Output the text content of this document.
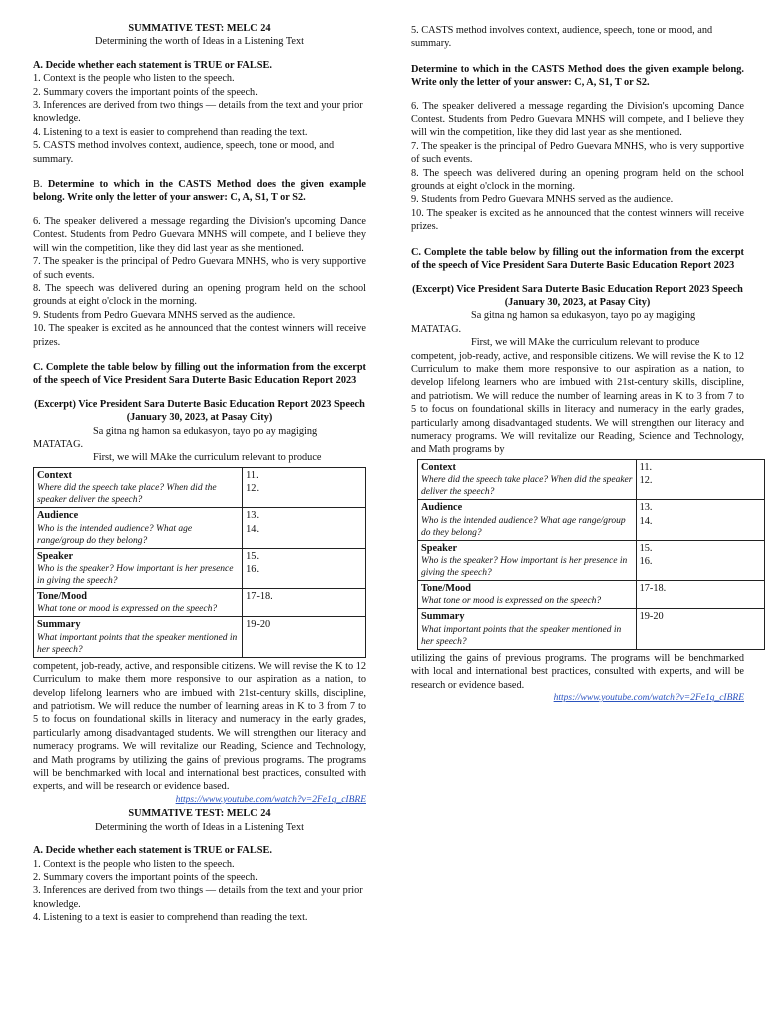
SUMMATIVE TEST: MELC 24
Determining the worth of Ideas in a Listening Text
A. Decide whether each statement is TRUE or FALSE.
1. Context is the people who listen to the speech.
2. Summary covers the important points of the speech.
3. Inferences are derived from two things — details from the text and your prior knowledge.
4. Listening to a text is easier to comprehend than reading the text.
5. CASTS method involves context, audience, speech, tone or mood, and summary.
B. Determine to which in the CASTS Method does the given example belong. Write only the letter of your answer: C, A, S1, T or S2.
6. The speaker delivered a message regarding the Division's upcoming Dance Contest. Students from Pedro Guevara MNHS will compete, and I believe they will win the competition, like they did last year as she mentioned.
7. The speaker is the principal of Pedro Guevara MNHS, who is very supportive of such events.
8. The speech was delivered during an opening program held on the school grounds at eight o'clock in the morning.
9. Students from Pedro Guevara MNHS served as the audience.
10. The speaker is excited as he announced that the contest winners will receive prizes.
C. Complete the table below by filling out the information from the excerpt of the speech of Vice President Sara Duterte Basic Education Report 2023
(Excerpt) Vice President Sara Duterte Basic Education Report 2023 Speech (January 30, 2023, at Pasay City)
Sa gitna ng hamon sa edukasyon, tayo po ay magiging MATATAG.
First, we will MAke the curriculum relevant to produce
Context
Where did the speech take place? When did the speaker deliver the speech?	11.
12.

Audience
Who is the intended audience? What age range/group do they belong?	13.
14.

Speaker
Who is the speaker? How important is her presence in giving the speech?	15.
16.

Tone/Mood
What tone or mood is expressed on the speech?	17-18.

Summary
What important points that the speaker mentioned in her speech?	19-20
competent, job-ready, active, and responsible citizens. We will revise the K to 12 Curriculum to make them more responsive to our aspiration as a nation, to develop lifelong learners who are imbued with 21st-century skills, discipline, and patriotism. We will reduce the number of learning areas in K to 3 from 7 to 5 to focus on foundational skills in literacy and numeracy in the early grades, particularly among disadvantaged students. We will strengthen our literacy and numeracy programs. We will revitalize our Reading, Science and Technology, and Math programs by utilizing the gains of previous programs. The programs will be benchmarked with local and international best practices, consulted with experts, and will be research or evidence based.
https://www.youtube.com/watch?v=2Fe1q_cIBRE
SUMMATIVE TEST: MELC 24
Determining the worth of Ideas in a Listening Text
A. Decide whether each statement is TRUE or FALSE.
1. Context is the people who listen to the speech.
2. Summary covers the important points of the speech.
3. Inferences are derived from two things — details from the text and your prior knowledge.
4. Listening to a text is easier to comprehend than reading the text.
5. CASTS method involves context, audience, speech, tone or mood, and summary.
Determine to which in the CASTS Method does the given example belong. Write only the letter of your answer: C, A, S1, T or S2.
6. The speaker delivered a message regarding the Division's upcoming Dance Contest. Students from Pedro Guevara MNHS will compete, and I believe they will win the competition, like they did last year as she mentioned.
7. The speaker is the principal of Pedro Guevara MNHS, who is very supportive of such events.
8. The speech was delivered during an opening program held on the school grounds at eight o'clock in the morning.
9. Students from Pedro Guevara MNHS served as the audience.
10. The speaker is excited as he announced that the contest winners will receive prizes.
C. Complete the table below by filling out the information from the excerpt of the speech of Vice President Sara Duterte Basic Education Report 2023
(Excerpt) Vice President Sara Duterte Basic Education Report 2023 Speech (January 30, 2023, at Pasay City)
Sa gitna ng hamon sa edukasyon, tayo po ay magiging MATATAG.
First, we will MAke the curriculum relevant to produce
competent, job-ready, active, and responsible citizens. We will revise the K to 12 Curriculum to make them more responsive to our aspiration as a nation, to develop lifelong learners who are imbued with 21st-century skills, discipline, and patriotism. We will reduce the number of learning areas in K to 3 from 7 to 5 to focus on foundational skills in literacy and numeracy in the early grades, particularly among disadvantaged students. We will strengthen our literacy and numeracy programs. We will revitalize our Reading, Science and Technology, and Math programs by
Context
Where did the speech take place? When did the speaker deliver the speech?	11.
12.

Audience
Who is the intended audience? What age range/group do they belong?	13.
14.

Speaker
Who is the speaker? How important is her presence in giving the speech?	15.
16.

Tone/Mood
What tone or mood is expressed on the speech?	17-18.

Summary
What important points that the speaker mentioned in her speech?	19-20
utilizing the gains of previous programs. The programs will be benchmarked with local and international best practices, consulted with experts, and will be research or evidence based.
https://www.youtube.com/watch?v=2Fe1q_cIBRE
